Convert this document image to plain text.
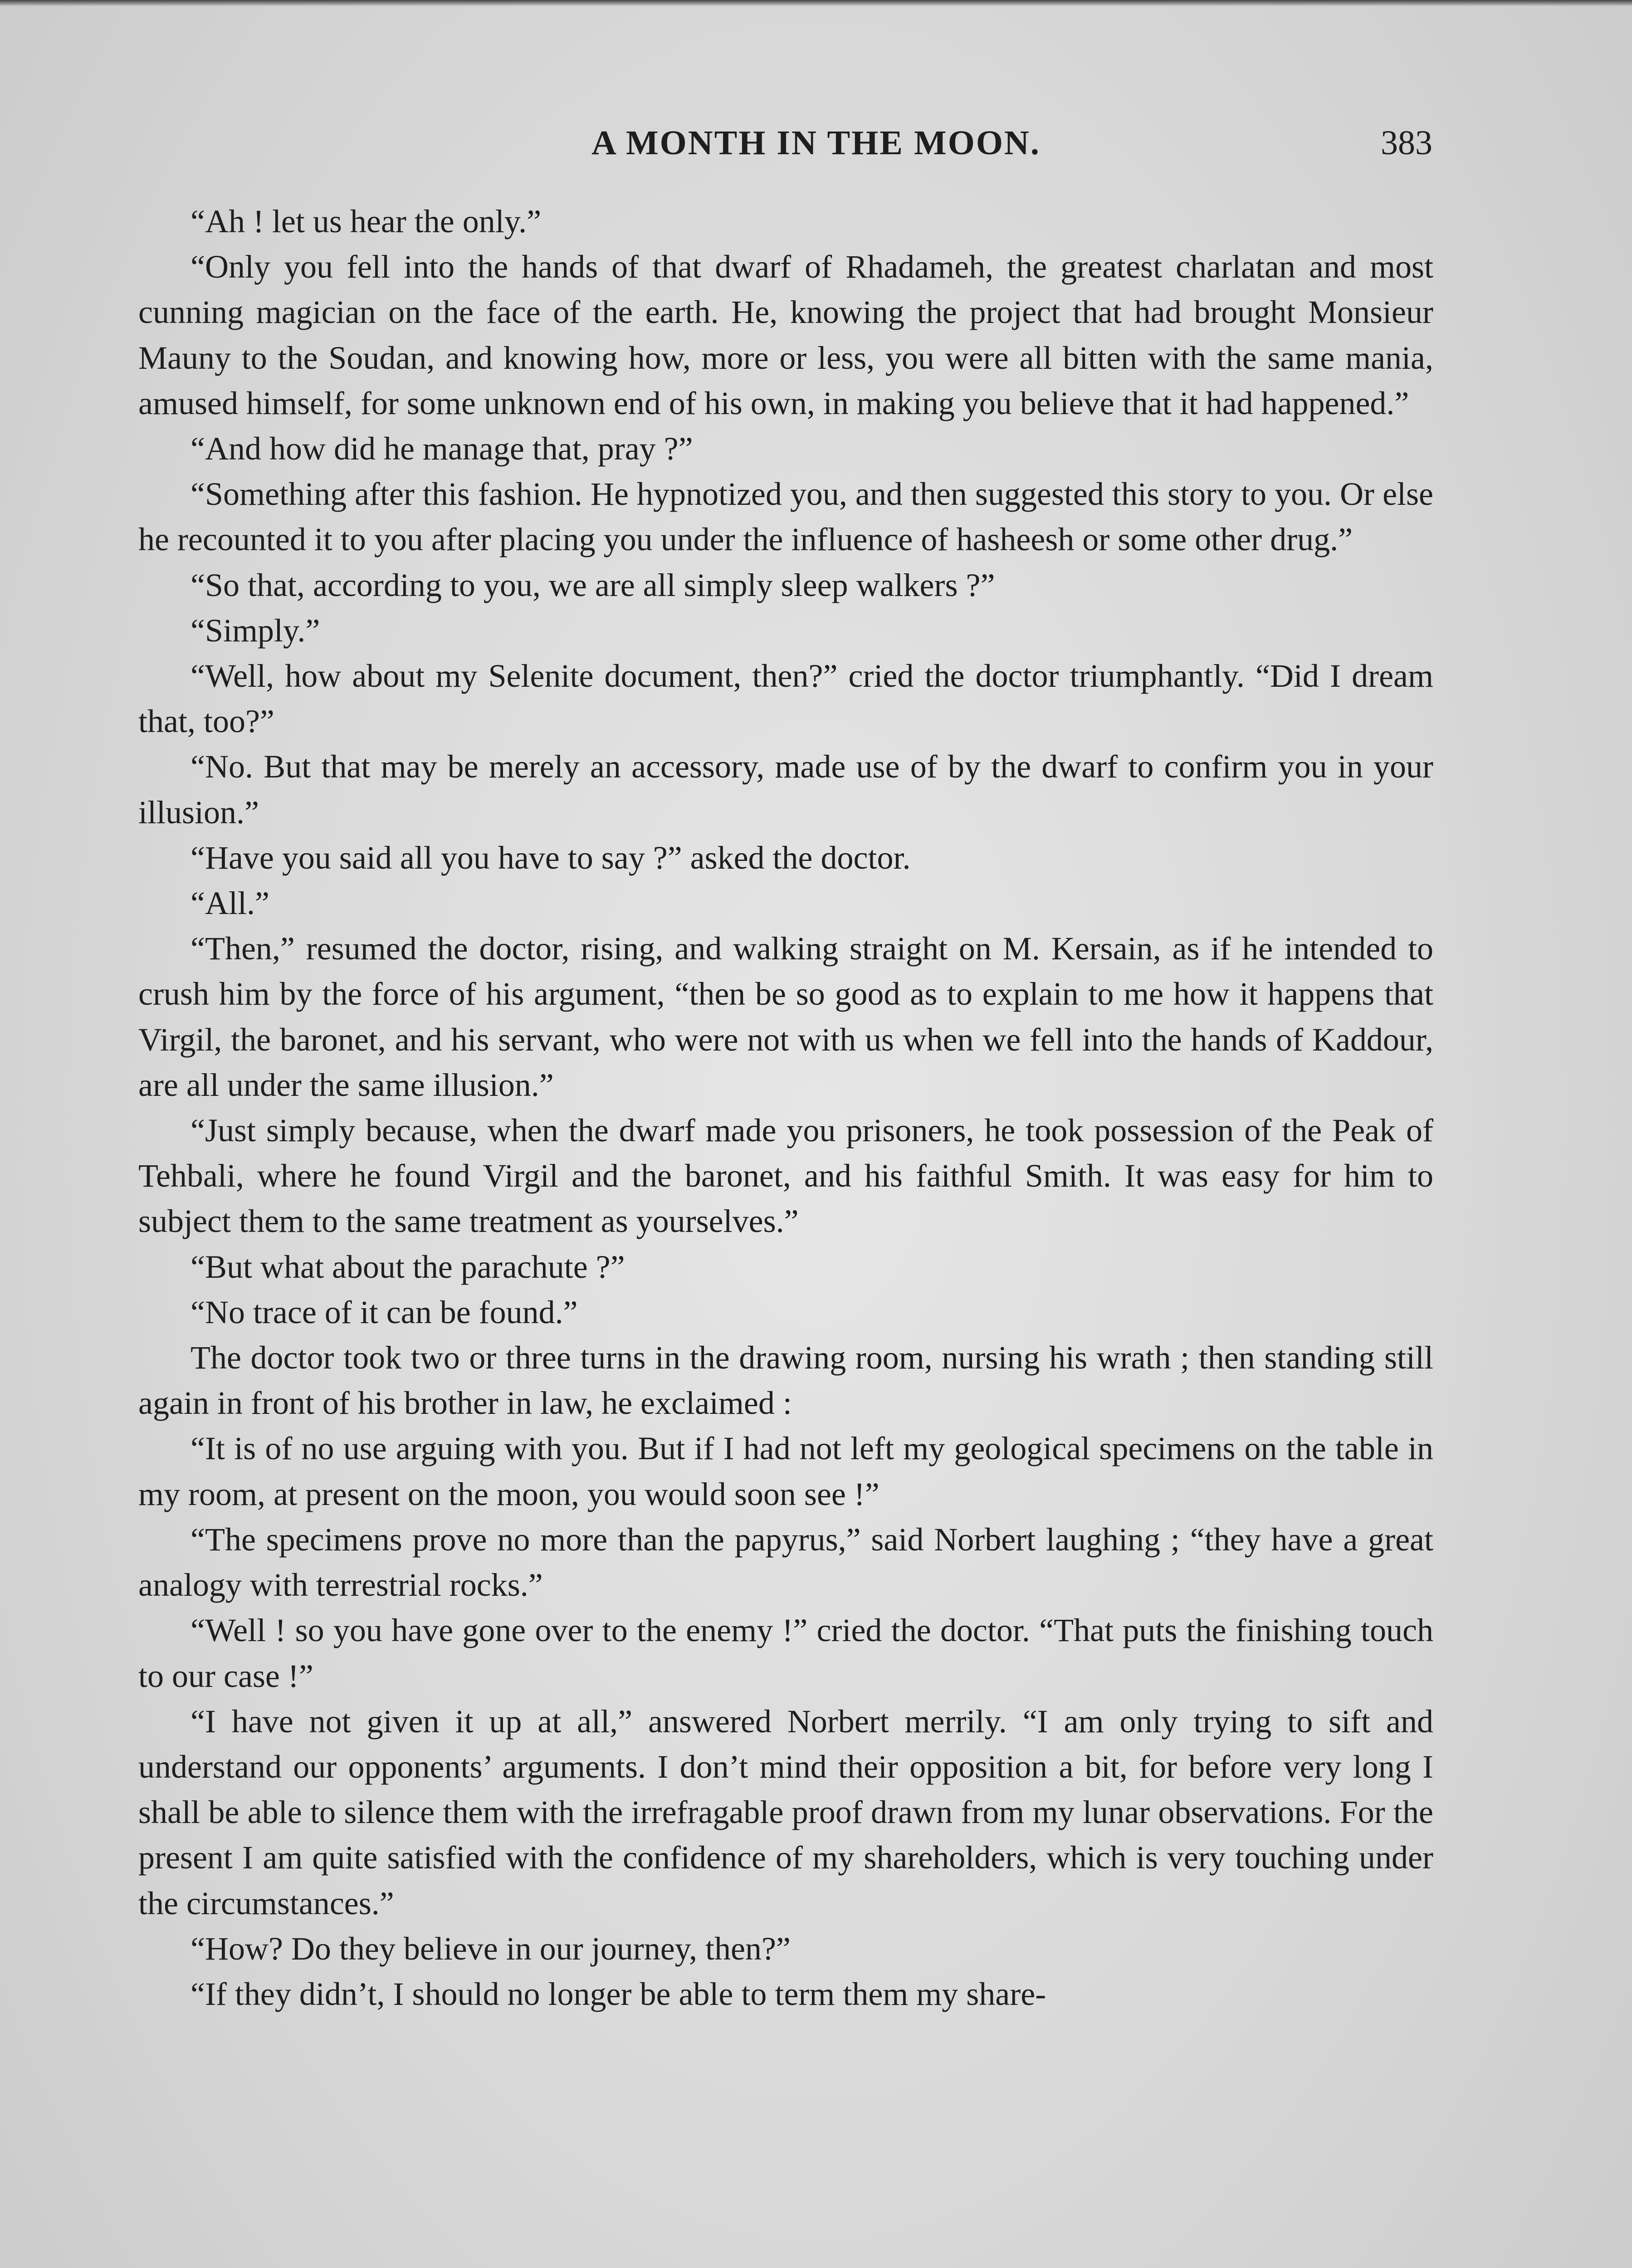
A MONTH IN THE MOON.	383

“Ah ! let us hear the only.”

“Only you fell into the hands of that dwarf of Rhadameh, the greatest charlatan and most cunning magician on the face of the earth. He, knowing the project that had brought Monsieur Mauny to the Soudan, and knowing how, more or less, you were all bitten with the same mania, amused himself, for some unknown end of his own, in making you believe that it had happened.”

“And how did he manage that, pray ?”

“Something after this fashion. He hypnotized you, and then suggested this story to you. Or else he recounted it to you after placing you under the influence of hasheesh or some other drug.”

“So that, according to you, we are all simply sleep walkers ?”

“Simply.”

“Well, how about my Selenite document, then?” cried the doctor triumphantly. “Did I dream that, too?”

“No. But that may be merely an accessory, made use of by the dwarf to confirm you in your illusion.”

“Have you said all you have to say ?” asked the doctor.

“All.”

“Then,” resumed the doctor, rising, and walking straight on M. Kersain, as if he intended to crush him by the force of his argument, “then be so good as to explain to me how it happens that Virgil, the baronet, and his servant, who were not with us when we fell into the hands of Kaddour, are all under the same illusion.”

“Just simply because, when the dwarf made you prisoners, he took possession of the Peak of Tehbali, where he found Virgil and the baronet, and his faithful Smith. It was easy for him to subject them to the same treatment as yourselves.”

“But what about the parachute ?”

“No trace of it can be found.”

The doctor took two or three turns in the drawing room, nursing his wrath ; then standing still again in front of his brother in law, he exclaimed :

“It is of no use arguing with you. But if I had not left my geological specimens on the table in my room, at present on the moon, you would soon see !”

“The specimens prove no more than the papyrus,” said Norbert laughing ; “they have a great analogy with terrestrial rocks.”

“Well ! so you have gone over to the enemy !” cried the doctor. “That puts the finishing touch to our case !”

“I have not given it up at all,” answered Norbert merrily. “I am only trying to sift and understand our opponents’ arguments. I don’t mind their opposition a bit, for before very long I shall be able to silence them with the irrefragable proof drawn from my lunar observations. For the present I am quite satisfied with the confidence of my shareholders, which is very touching under the circumstances.”

“How? Do they believe in our journey, then?”

“If they didn’t, I should no longer be able to term them my share-
